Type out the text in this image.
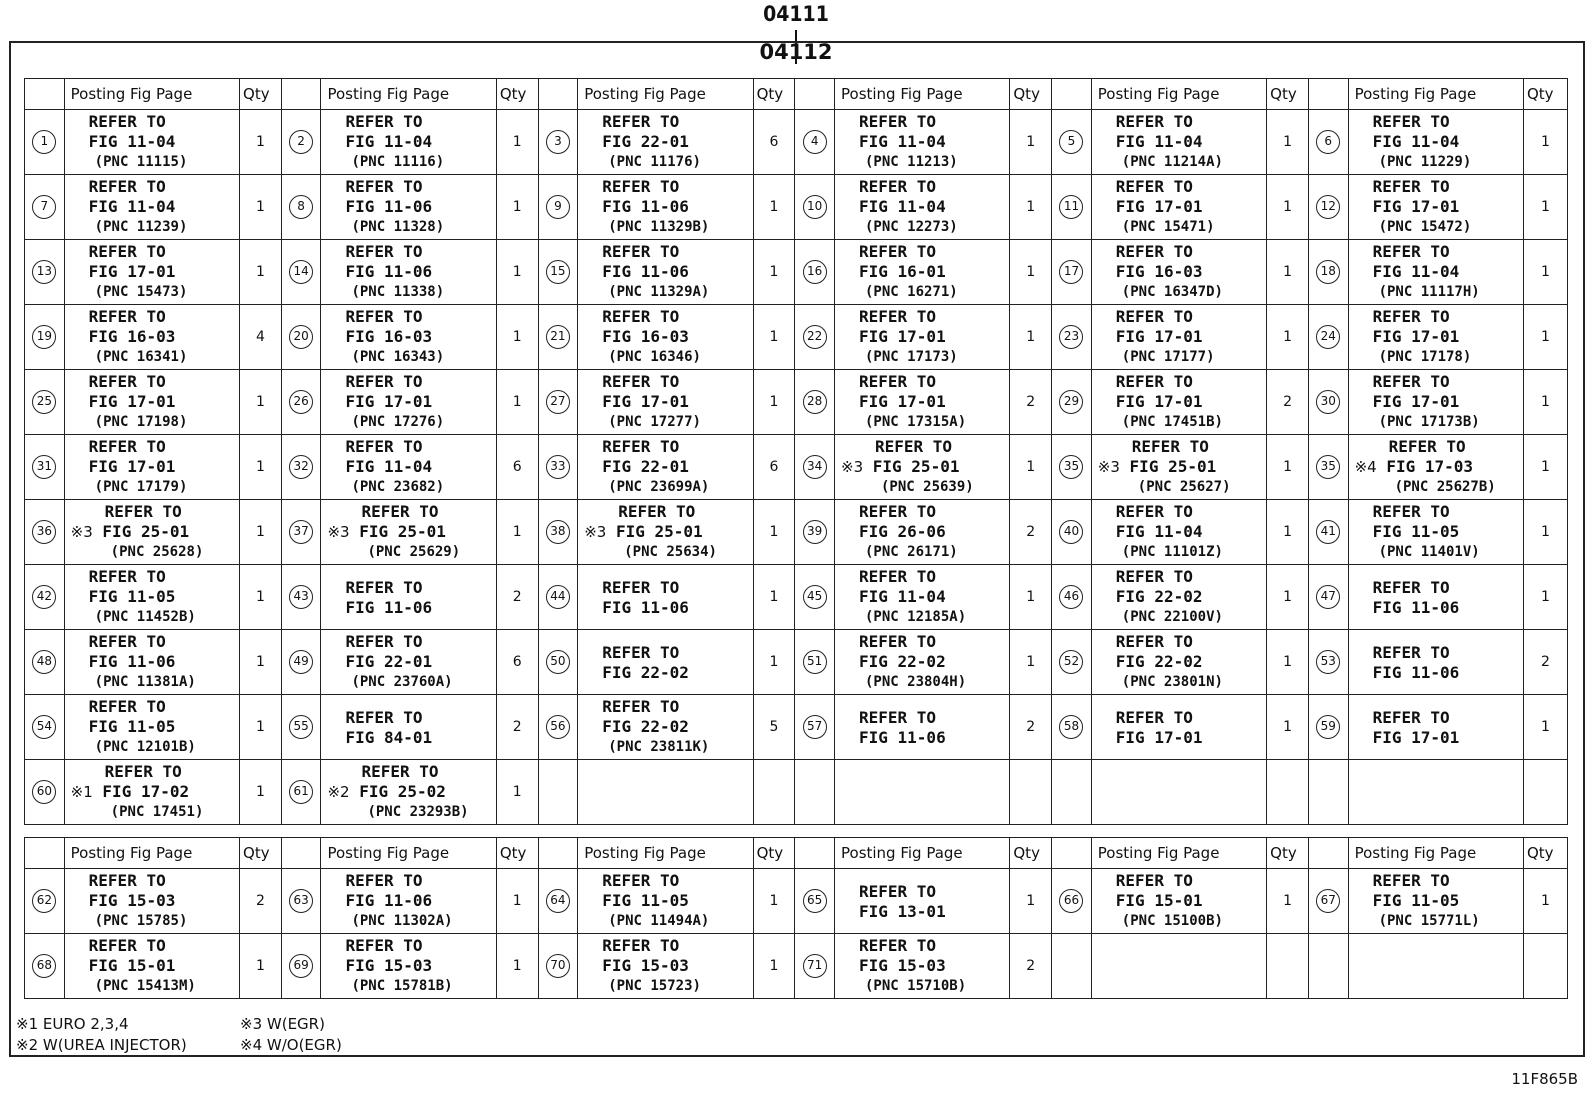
04111
04112
	Posting Fig Page	Qty		Posting Fig Page	Qty		Posting Fig Page	Qty		Posting Fig Page	Qty		Posting Fig Page	Qty		Posting Fig Page	Qty
1	REFER TO
FIG 11-04
(PNC 11115)	1	2	REFER TO
FIG 11-04
(PNC 11116)	1	3	REFER TO
FIG 22-01
(PNC 11176)	6	4	REFER TO
FIG 11-04
(PNC 11213)	1	5	REFER TO
FIG 11-04
(PNC 11214A)	1	6	REFER TO
FIG 11-04
(PNC 11229)	1
7	REFER TO
FIG 11-04
(PNC 11239)	1	8	REFER TO
FIG 11-06
(PNC 11328)	1	9	REFER TO
FIG 11-06
(PNC 11329B)	1	10	REFER TO
FIG 11-04
(PNC 12273)	1	11	REFER TO
FIG 17-01
(PNC 15471)	1	12	REFER TO
FIG 17-01
(PNC 15472)	1
13	REFER TO
FIG 17-01
(PNC 15473)	1	14	REFER TO
FIG 11-06
(PNC 11338)	1	15	REFER TO
FIG 11-06
(PNC 11329A)	1	16	REFER TO
FIG 16-01
(PNC 16271)	1	17	REFER TO
FIG 16-03
(PNC 16347D)	1	18	REFER TO
FIG 11-04
(PNC 11117H)	1
19	REFER TO
FIG 16-03
(PNC 16341)	4	20	REFER TO
FIG 16-03
(PNC 16343)	1	21	REFER TO
FIG 16-03
(PNC 16346)	1	22	REFER TO
FIG 17-01
(PNC 17173)	1	23	REFER TO
FIG 17-01
(PNC 17177)	1	24	REFER TO
FIG 17-01
(PNC 17178)	1
25	REFER TO
FIG 17-01
(PNC 17198)	1	26	REFER TO
FIG 17-01
(PNC 17276)	1	27	REFER TO
FIG 17-01
(PNC 17277)	1	28	REFER TO
FIG 17-01
(PNC 17315A)	2	29	REFER TO
FIG 17-01
(PNC 17451B)	2	30	REFER TO
FIG 17-01
(PNC 17173B)	1
31	REFER TO
FIG 17-01
(PNC 17179)	1	32	REFER TO
FIG 11-04
(PNC 23682)	6	33	REFER TO
FIG 22-01
(PNC 23699A)	6	34	REFER TO
※3 FIG 25-01
(PNC 25639)	1	35	REFER TO
※3 FIG 25-01
(PNC 25627)	1	35	REFER TO
※4 FIG 17-03
(PNC 25627B)	1
36	REFER TO
※3 FIG 25-01
(PNC 25628)	1	37	REFER TO
※3 FIG 25-01
(PNC 25629)	1	38	REFER TO
※3 FIG 25-01
(PNC 25634)	1	39	REFER TO
FIG 26-06
(PNC 26171)	2	40	REFER TO
FIG 11-04
(PNC 11101Z)	1	41	REFER TO
FIG 11-05
(PNC 11401V)	1
42	REFER TO
FIG 11-05
(PNC 11452B)	1	43	REFER TO
FIG 11-06	2	44	REFER TO
FIG 11-06	1	45	REFER TO
FIG 11-04
(PNC 12185A)	1	46	REFER TO
FIG 22-02
(PNC 22100V)	1	47	REFER TO
FIG 11-06	1
48	REFER TO
FIG 11-06
(PNC 11381A)	1	49	REFER TO
FIG 22-01
(PNC 23760A)	6	50	REFER TO
FIG 22-02	1	51	REFER TO
FIG 22-02
(PNC 23804H)	1	52	REFER TO
FIG 22-02
(PNC 23801N)	1	53	REFER TO
FIG 11-06	2
54	REFER TO
FIG 11-05
(PNC 12101B)	1	55	REFER TO
FIG 84-01	2	56	REFER TO
FIG 22-02
(PNC 23811K)	5	57	REFER TO
FIG 11-06	2	58	REFER TO
FIG 17-01	1	59	REFER TO
FIG 17-01	1
60	REFER TO
※1 FIG 17-02
(PNC 17451)	1	61	REFER TO
※2 FIG 25-02
(PNC 23293B)	1												
	Posting Fig Page	Qty		Posting Fig Page	Qty		Posting Fig Page	Qty		Posting Fig Page	Qty		Posting Fig Page	Qty		Posting Fig Page	Qty
62	REFER TO
FIG 15-03
(PNC 15785)	2	63	REFER TO
FIG 11-06
(PNC 11302A)	1	64	REFER TO
FIG 11-05
(PNC 11494A)	1	65	REFER TO
FIG 13-01	1	66	REFER TO
FIG 15-01
(PNC 15100B)	1	67	REFER TO
FIG 11-05
(PNC 15771L)	1
68	REFER TO
FIG 15-01
(PNC 15413M)	1	69	REFER TO
FIG 15-03
(PNC 15781B)	1	70	REFER TO
FIG 15-03
(PNC 15723)	1	71	REFER TO
FIG 15-03
(PNC 15710B)	2						
※1 EURO 2,3,4
※2 W(UREA INJECTOR)
※3 W(EGR)
※4 W/O(EGR)
11F865B
